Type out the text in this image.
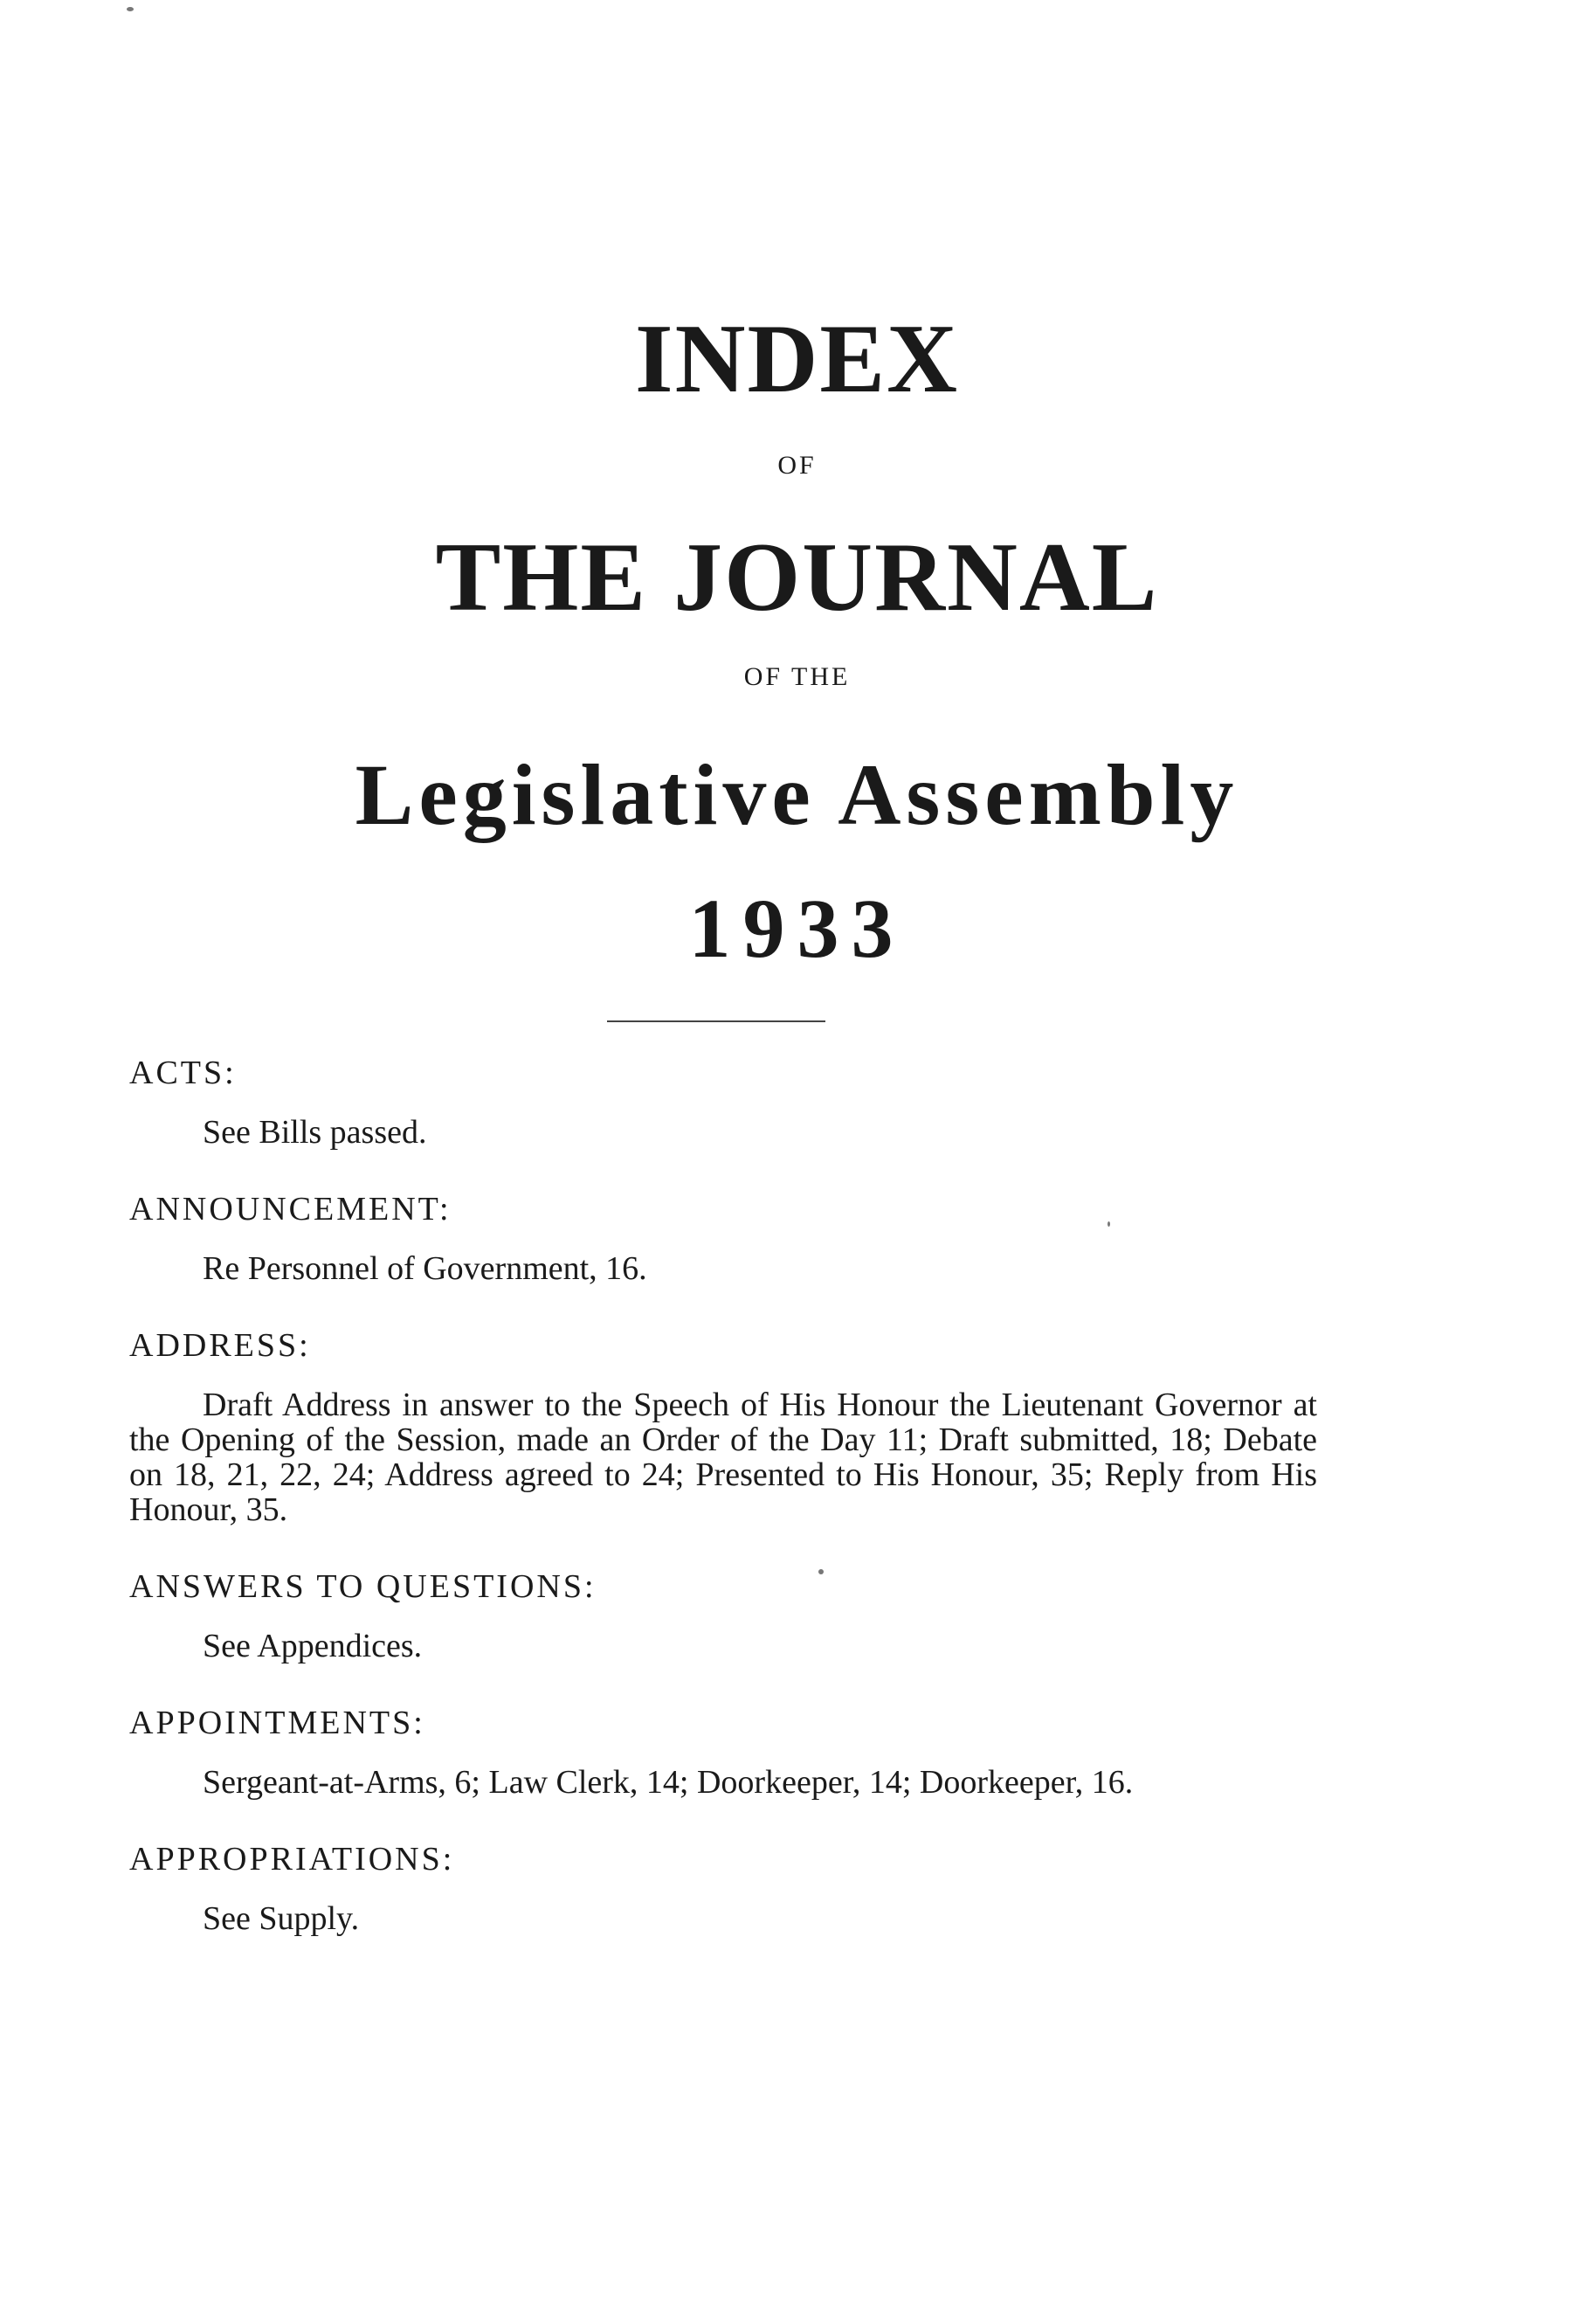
INDEX
OF
THE JOURNAL
OF THE
Legislative Assembly
1933

ACTS:

See Bills passed.

ANNOUNCEMENT:

Re Personnel of Government, 16.

ADDRESS:

Draft Address in answer to the Speech of His Honour the Lieutenant Governor at the Opening of the Session, made an Order of the Day 11; Draft submitted, 18; Debate on 18, 21, 22, 24; Address agreed to 24; Presented to His Honour, 35; Reply from His Honour, 35.

ANSWERS TO QUESTIONS:

See Appendices.

APPOINTMENTS:

Sergeant-at-Arms, 6; Law Clerk, 14; Doorkeeper, 14; Doorkeeper, 16.

APPROPRIATIONS:

See Supply.
